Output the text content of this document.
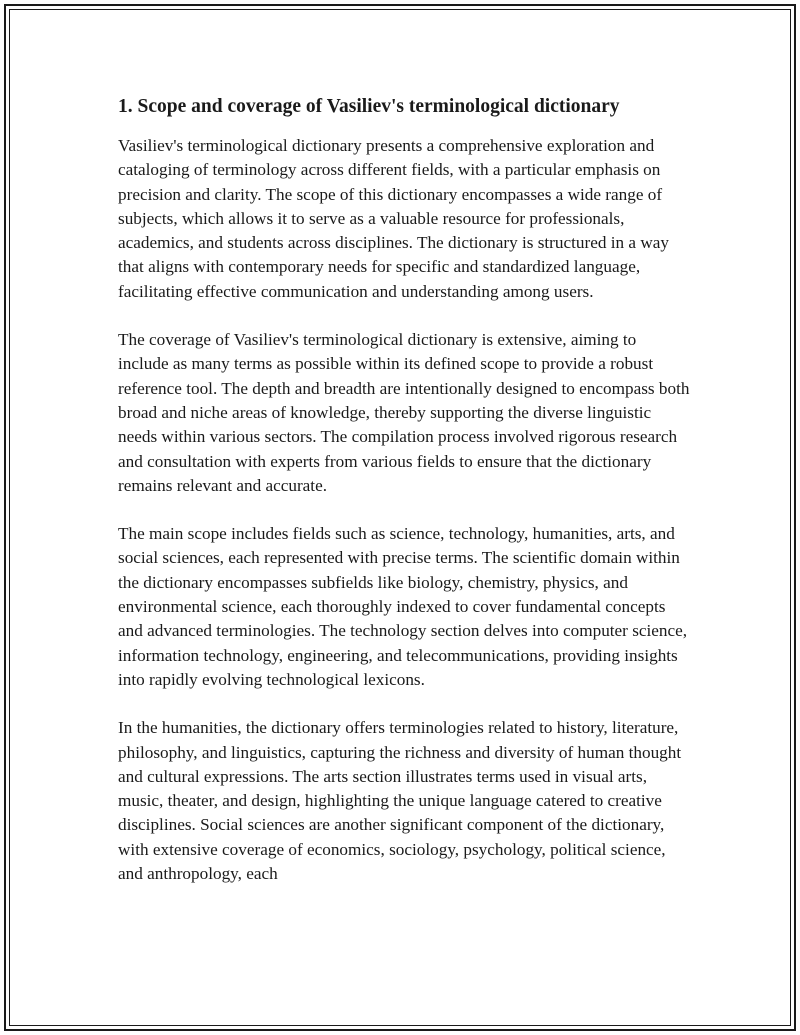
1. Scope and coverage of Vasiliev's terminological dictionary

Vasiliev's terminological dictionary presents a comprehensive exploration and cataloging of terminology across different fields, with a particular emphasis on precision and clarity. The scope of this dictionary encompasses a wide range of subjects, which allows it to serve as a valuable resource for professionals, academics, and students across disciplines. The dictionary is structured in a way that aligns with contemporary needs for specific and standardized language, facilitating effective communication and understanding among users.

The coverage of Vasiliev's terminological dictionary is extensive, aiming to include as many terms as possible within its defined scope to provide a robust reference tool. The depth and breadth are intentionally designed to encompass both broad and niche areas of knowledge, thereby supporting the diverse linguistic needs within various sectors. The compilation process involved rigorous research and consultation with experts from various fields to ensure that the dictionary remains relevant and accurate.

The main scope includes fields such as science, technology, humanities, arts, and social sciences, each represented with precise terms. The scientific domain within the dictionary encompasses subfields like biology, chemistry, physics, and environmental science, each thoroughly indexed to cover fundamental concepts and advanced terminologies. The technology section delves into computer science, information technology, engineering, and telecommunications, providing insights into rapidly evolving technological lexicons.

In the humanities, the dictionary offers terminologies related to history, literature, philosophy, and linguistics, capturing the richness and diversity of human thought and cultural expressions. The arts section illustrates terms used in visual arts, music, theater, and design, highlighting the unique language catered to creative disciplines. Social sciences are another significant component of the dictionary, with extensive coverage of economics, sociology, psychology, political science, and anthropology, each
